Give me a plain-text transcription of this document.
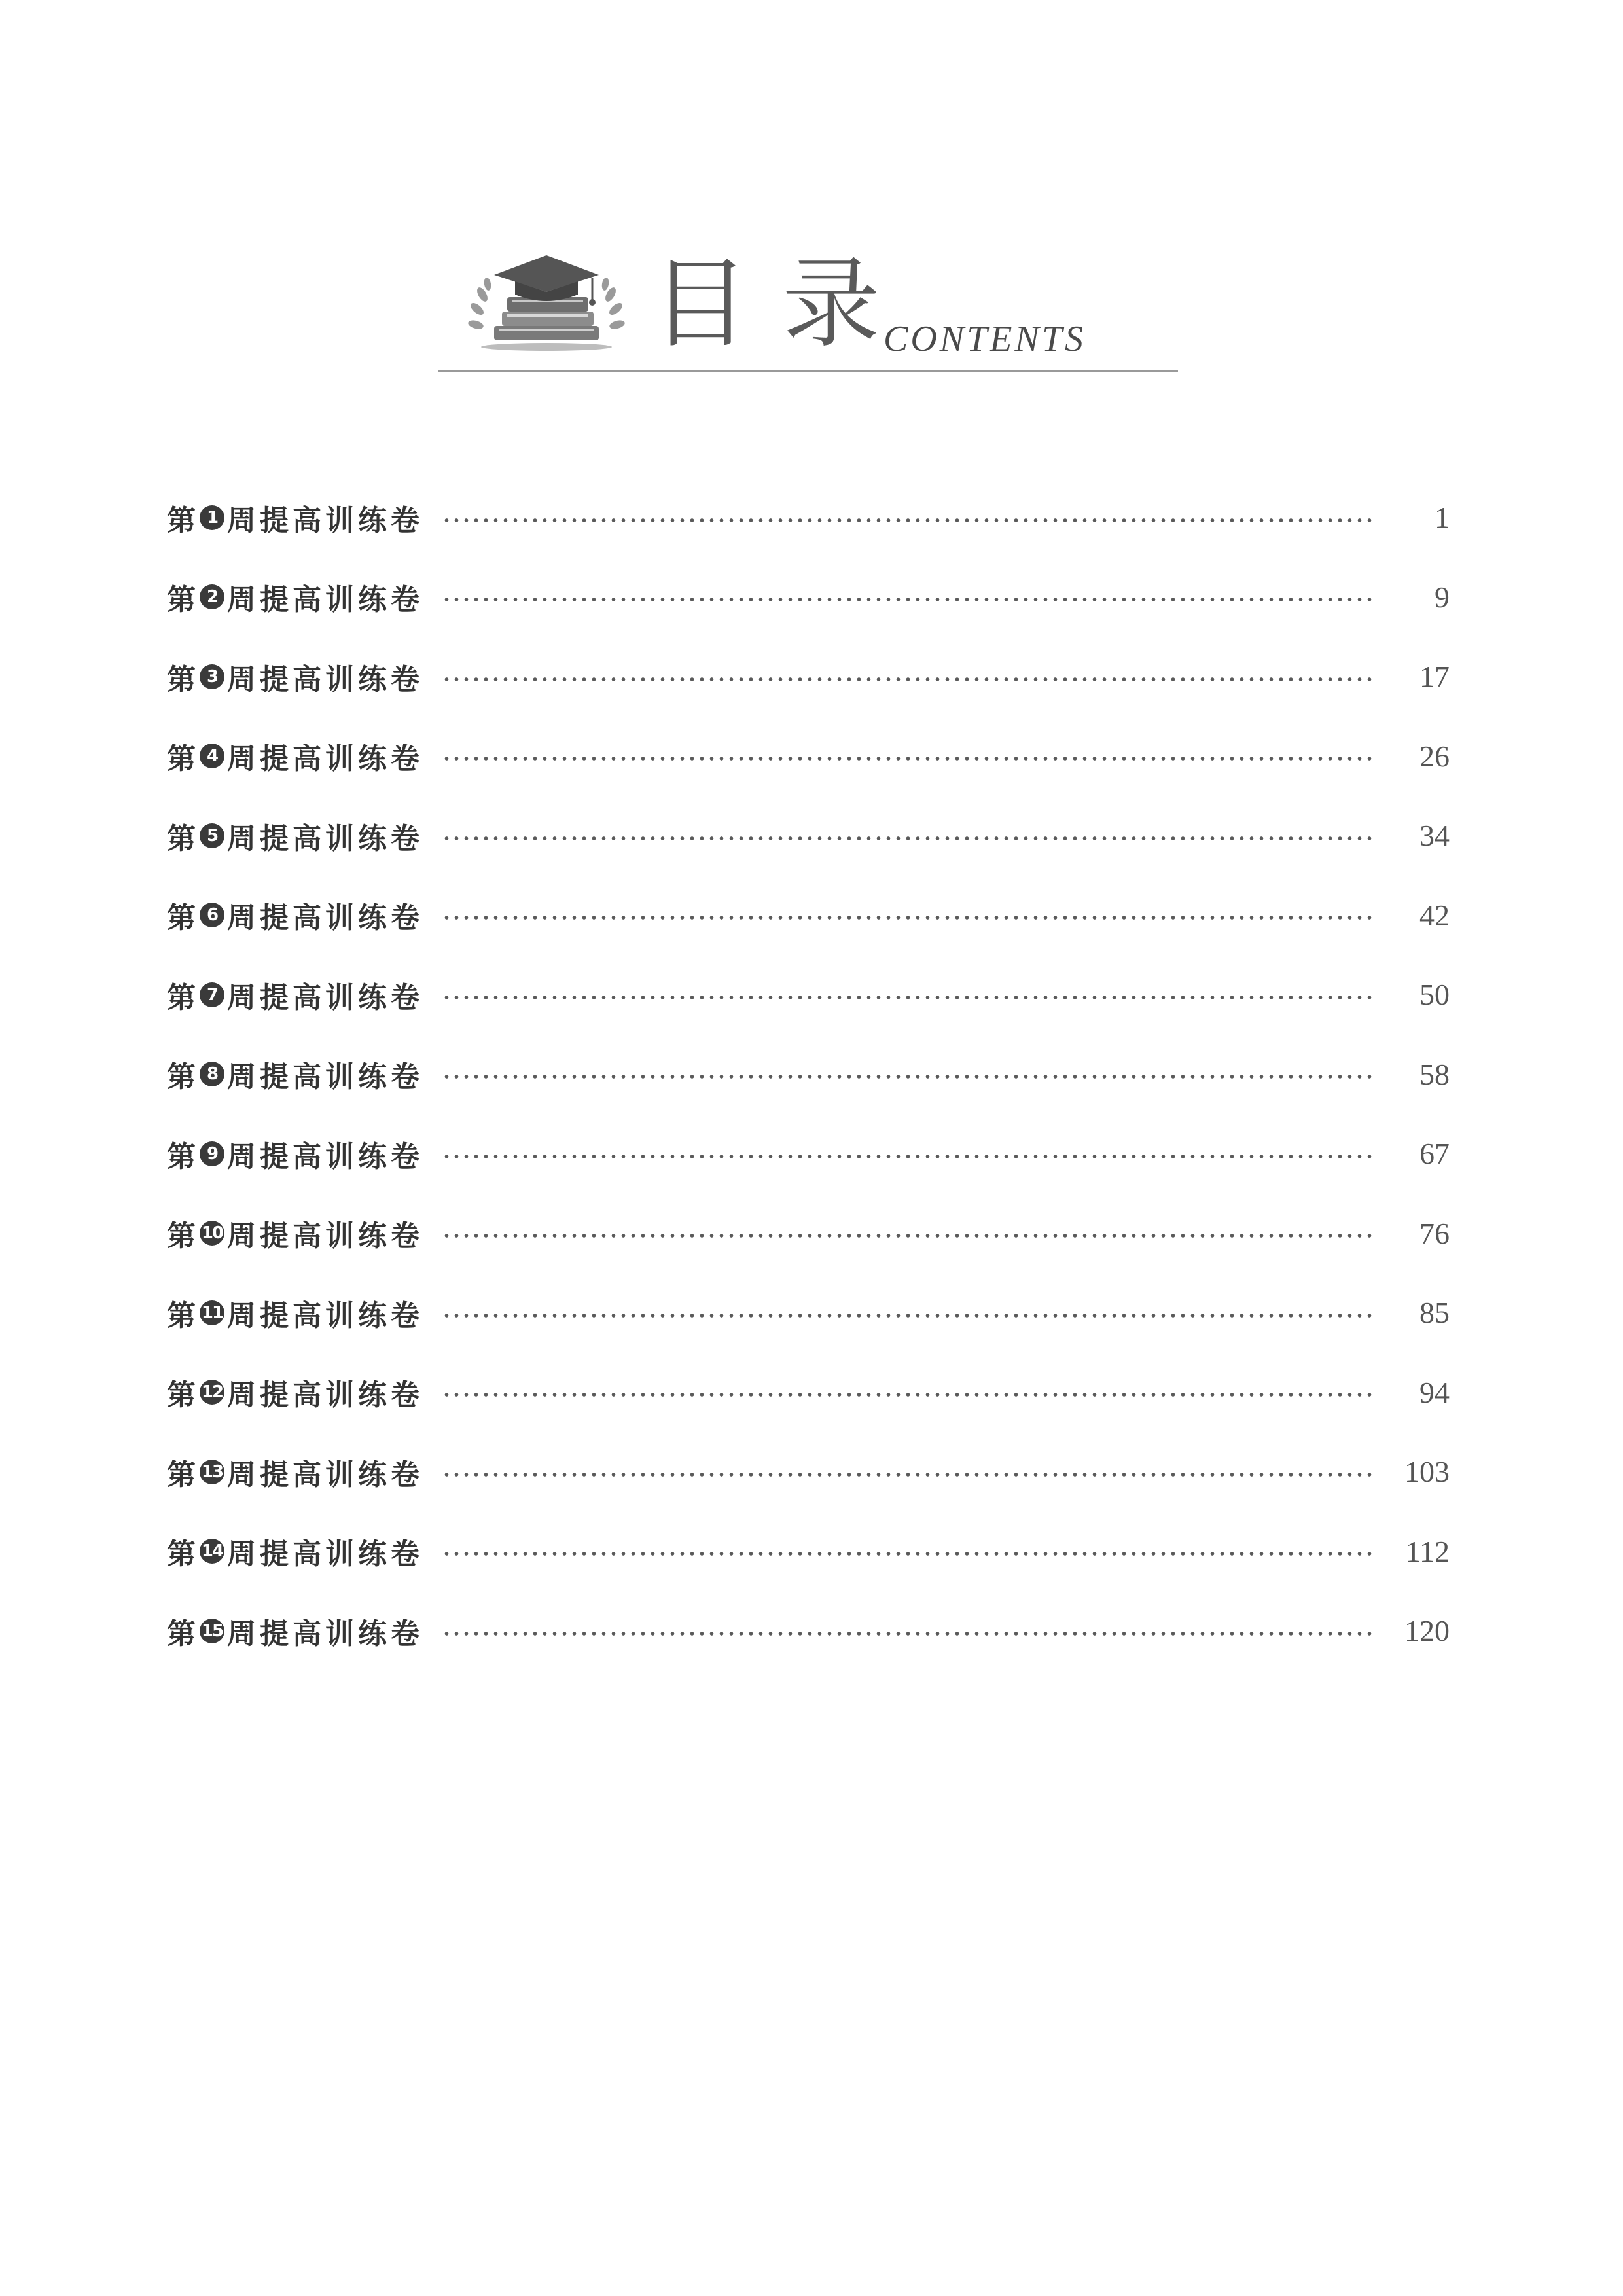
目录
CONTENTS
第 1 周提高训练卷	1
第 2 周提高训练卷	9
第 3 周提高训练卷	17
第 4 周提高训练卷	26
第 5 周提高训练卷	34
第 6 周提高训练卷	42
第 7 周提高训练卷	50
第 8 周提高训练卷	58
第 9 周提高训练卷	67
第 10 周提高训练卷	76
第 11 周提高训练卷	85
第 12 周提高训练卷	94
第 13 周提高训练卷	103
第 14 周提高训练卷	112
第 15 周提高训练卷	120
